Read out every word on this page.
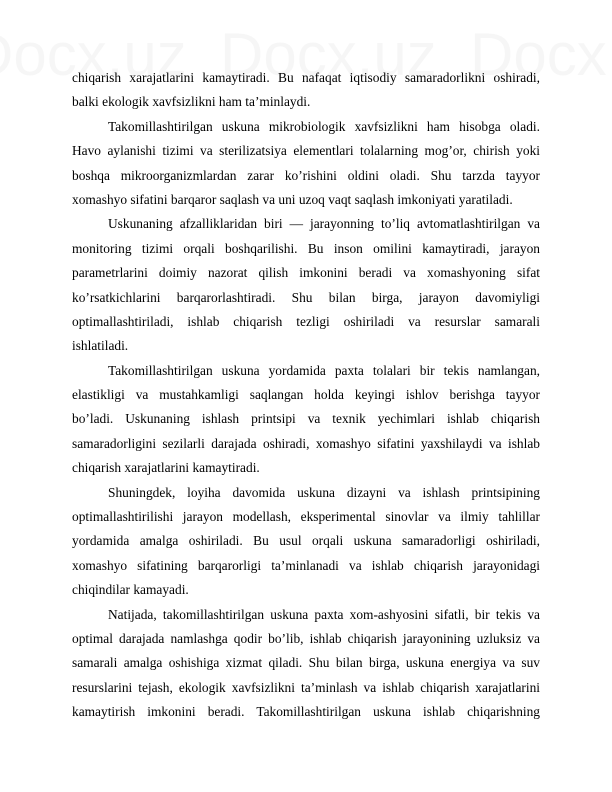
chiqarish xarajatlarini kamaytiradi. Bu nafaqat iqtisodiy samaradorlikni oshiradi,
balki ekologik xavfsizlikni ham ta’minlaydi.

Takomillashtirilgan uskuna mikrobiologik xavfsizlikni ham hisobga oladi.
Havo aylanishi tizimi va sterilizatsiya elementlari tolalarning mog’or, chirish yoki
boshqa mikroorganizmlardan zarar ko’rishini oldini oladi. Shu tarzda tayyor
xomashyo sifatini barqaror saqlash va uni uzoq vaqt saqlash imkoniyati yaratiladi.

Uskunaning afzalliklaridan biri — jarayonning to’liq avtomatlashtirilgan va
monitoring tizimi orqali boshqarilishi. Bu inson omilini kamaytiradi, jarayon
parametrlarini doimiy nazorat qilish imkonini beradi va xomashyoning sifat
ko’rsatkichlarini barqarorlashtiradi. Shu bilan birga, jarayon davomiyligi
optimallashtiriladi, ishlab chiqarish tezligi oshiriladi va resurslar samarali
ishlatiladi.

Takomillashtirilgan uskuna yordamida paxta tolalari bir tekis namlangan,
elastikligi va mustahkamligi saqlangan holda keyingi ishlov berishga tayyor
bo’ladi. Uskunaning ishlash printsipi va texnik yechimlari ishlab chiqarish
samaradorligini sezilarli darajada oshiradi, xomashyo sifatini yaxshilaydi va ishlab
chiqarish xarajatlarini kamaytiradi.

Shuningdek, loyiha davomida uskuna dizayni va ishlash printsipining
optimallashtirilishi jarayon modellash, eksperimental sinovlar va ilmiy tahlillar
yordamida amalga oshiriladi. Bu usul orqali uskuna samaradorligi oshiriladi,
xomashyo sifatining barqarorligi ta’minlanadi va ishlab chiqarish jarayonidagi
chiqindilar kamayadi.

Natijada, takomillashtirilgan uskuna paxta xom-ashyosini sifatli, bir tekis va
optimal darajada namlashga qodir bo’lib, ishlab chiqarish jarayonining uzluksiz va
samarali amalga oshishiga xizmat qiladi. Shu bilan birga, uskuna energiya va suv
resurslarini tejash, ekologik xavfsizlikni ta’minlash va ishlab chiqarish xarajatlarini
kamaytirish imkonini beradi. Takomillashtirilgan uskuna ishlab chiqarishning
